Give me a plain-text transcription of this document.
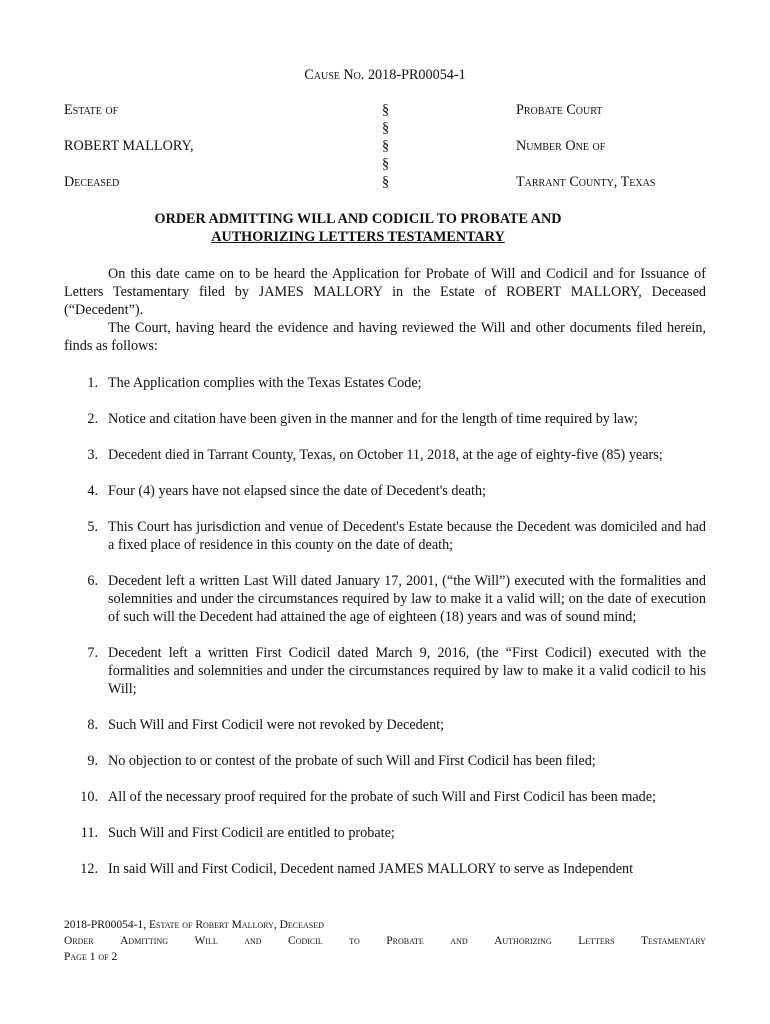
Cause No. 2018-PR00054-1
Estate of	§	Probate Court
§
ROBERT MALLORY,	§	Number One of
§
Deceased	§	Tarrant County, Texas
ORDER ADMITTING WILL AND CODICIL TO PROBATE AND
AUTHORIZING LETTERS TESTAMENTARY

On this date came on to be heard the Application for Probate of Will and Codicil and for Issuance of Letters Testamentary filed by JAMES MALLORY in the Estate of ROBERT MALLORY, Deceased (“Decedent”).

The Court, having heard the evidence and having reviewed the Will and other documents filed herein, finds as follows:

1. The Application complies with the Texas Estates Code;
2. Notice and citation have been given in the manner and for the length of time required by law;
3. Decedent died in Tarrant County, Texas, on October 11, 2018, at the age of eighty-five (85) years;
4. Four (4) years have not elapsed since the date of Decedent's death;
5. This Court has jurisdiction and venue of Decedent's Estate because the Decedent was domiciled and had a fixed place of residence in this county on the date of death;
6. Decedent left a written Last Will dated January 17, 2001, (“the Will”) executed with the formalities and solemnities and under the circumstances required by law to make it a valid will; on the date of execution of such will the Decedent had attained the age of eighteen (18) years and was of sound mind;
7. Decedent left a written First Codicil dated March 9, 2016, (the “First Codicil) executed with the formalities and solemnities and under the circumstances required by law to make it a valid codicil to his Will;
8. Such Will and First Codicil were not revoked by Decedent;
9. No objection to or contest of the probate of such Will and First Codicil has been filed;
10. All of the necessary proof required for the probate of such Will and First Codicil has been made;
11. Such Will and First Codicil are entitled to probate;
12. In said Will and First Codicil, Decedent named JAMES MALLORY to serve as Independent
2018-PR00054-1, Estate of Robert Mallory, Deceased
Order Admitting Will and Codicil to Probate and Authorizing Letters Testamentary
Page 1 of 2
